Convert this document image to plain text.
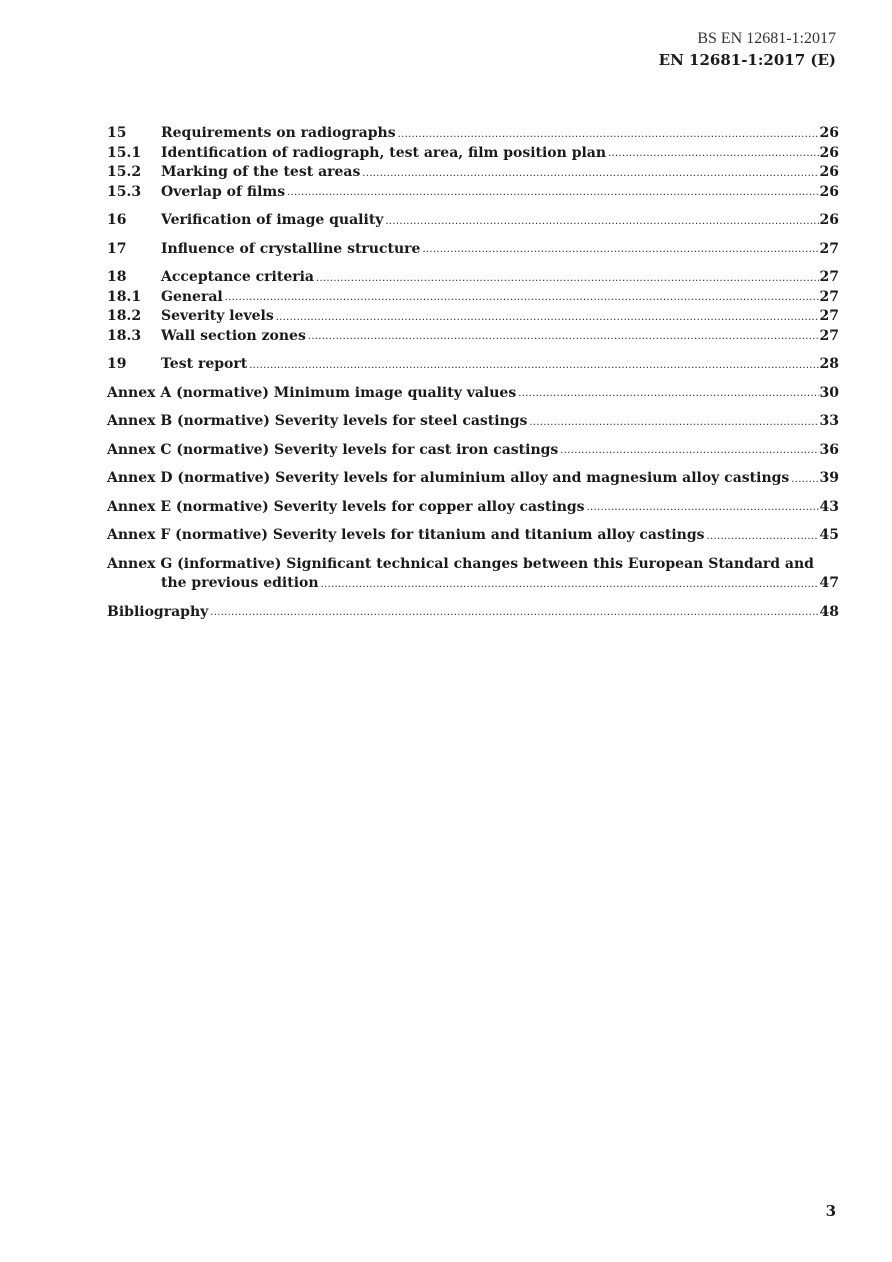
BS EN 12681-1:2017
EN 12681-1:2017 (E)
15	Requirements on radiographs .....	26
15.1	Identification of radiograph, test area, film position plan .....	26
15.2	Marking of the test areas .....	26
15.3	Overlap of films .....	26
16	Verification of image quality .....	26
17	Influence of crystalline structure .....	27
18	Acceptance criteria .....	27
18.1	General .....	27
18.2	Severity levels .....	27
18.3	Wall section zones .....	27
19	Test report .....	28
Annex A (normative) Minimum image quality values .....	30
Annex B (normative) Severity levels for steel castings .....	33
Annex C (normative) Severity levels for cast iron castings .....	36
Annex D (normative) Severity levels for aluminium alloy and magnesium alloy castings ..... 39
Annex E (normative) Severity levels for copper alloy castings .....	43
Annex F (normative) Severity levels for titanium and titanium alloy castings .....	45
Annex G (informative) Significant technical changes between this European Standard and
the previous edition .....	47
Bibliography .....	48
3
